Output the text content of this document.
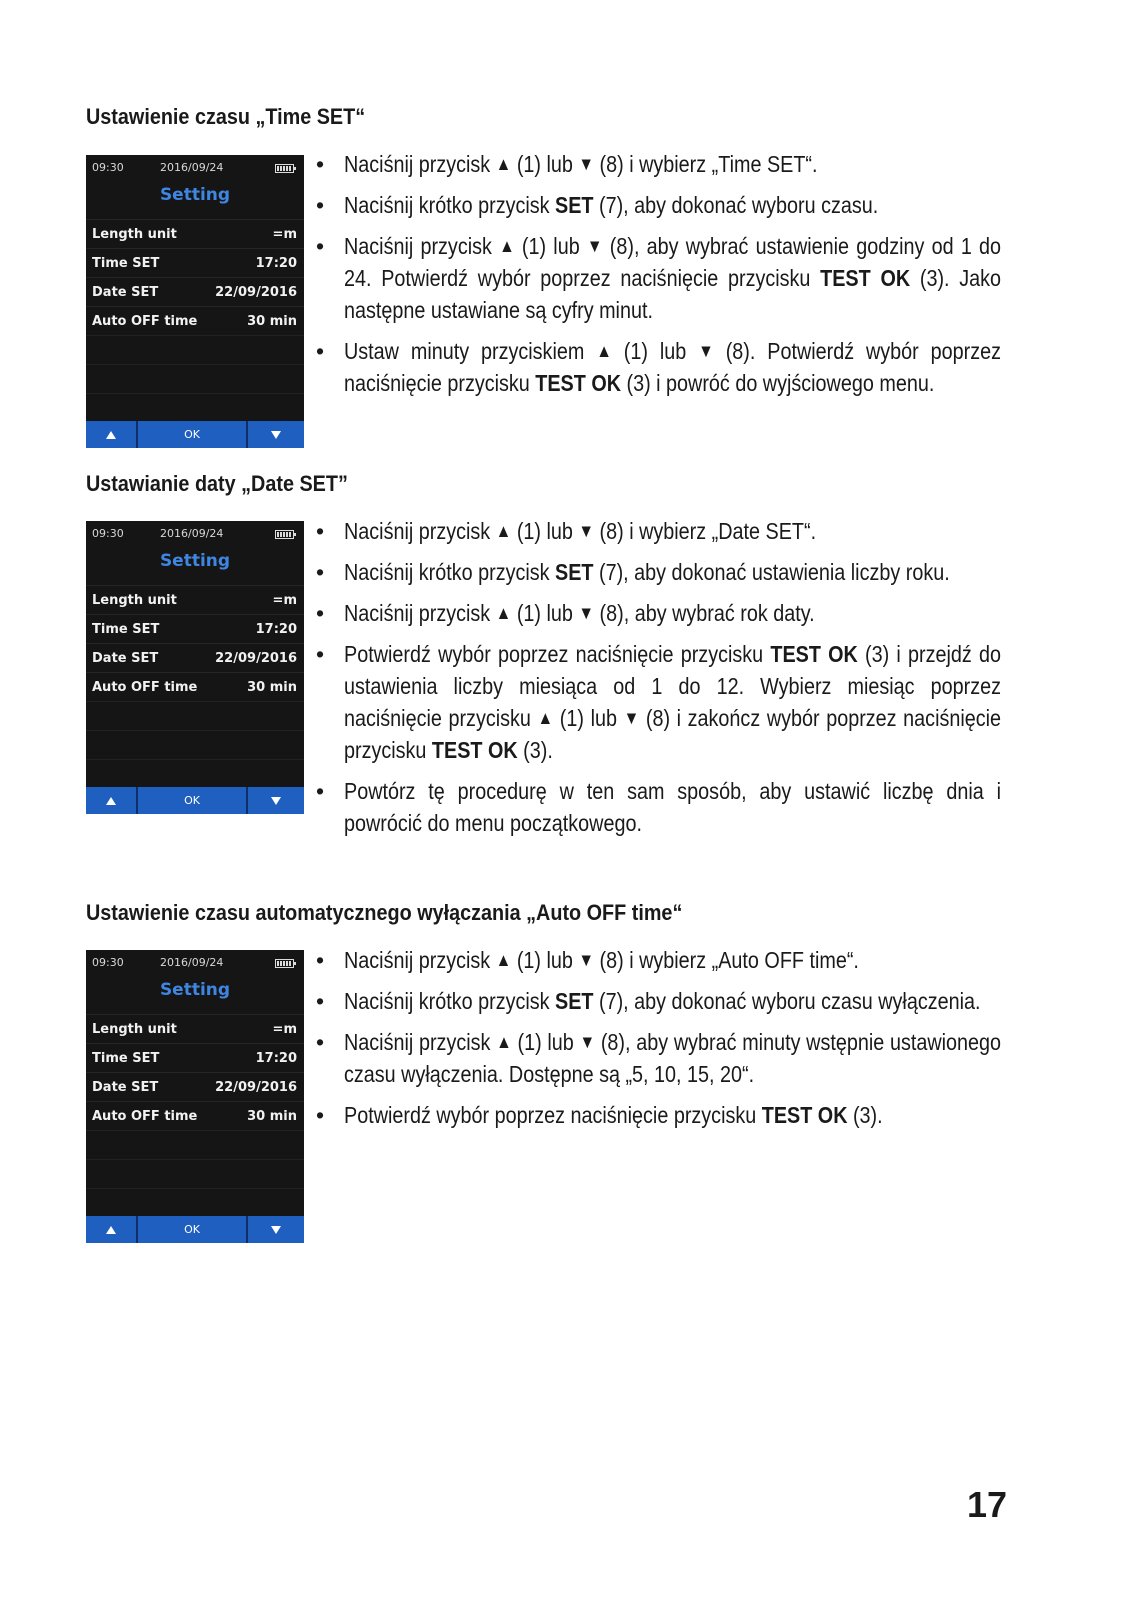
Ustawienie czasu „Time SET“
09:30	2016/09/24
Setting
Length unit	=m
Time SET	17:20
Date SET	22/09/2016
Auto OFF time	30 min
OK
• Naciśnij przycisk ▲ (1) lub ▼ (8) i wybierz „Time SET“.
• Naciśnij krótko przycisk SET (7), aby dokonać wyboru czasu.
• Naciśnij przycisk ▲ (1) lub ▼ (8), aby wybrać ustawienie godziny od 1 do 24. Potwierdź wybór poprzez naciśnięcie przycisku TEST OK (3). Jako następne ustawiane są cyfry minut.
• Ustaw minuty przyciskiem ▲ (1) lub ▼ (8). Potwierdź wybór poprzez naciśnięcie przycisku TEST OK (3) i powróć do wyjściowego menu.
Ustawianie daty „Date SET”
09:30	2016/09/24
Setting
Length unit	=m
Time SET	17:20
Date SET	22/09/2016
Auto OFF time	30 min
OK
• Naciśnij przycisk ▲ (1) lub ▼ (8) i wybierz „Date SET“.
• Naciśnij krótko przycisk SET (7), aby dokonać ustawienia liczby roku.
• Naciśnij przycisk ▲ (1) lub ▼ (8), aby wybrać rok daty.
• Potwierdź wybór poprzez naciśnięcie przycisku TEST OK (3) i przejdź do ustawienia liczby miesiąca od 1 do 12. Wybierz miesiąc poprzez naciśnięcie przycisku ▲ (1) lub ▼ (8) i zakończ wybór poprzez naciśnięcie przycisku TEST OK (3).
• Powtórz tę procedurę w ten sam sposób, aby ustawić liczbę dnia i powrócić do menu początkowego.
Ustawienie czasu automatycznego wyłączania „Auto OFF time“
09:30	2016/09/24
Setting
Length unit	=m
Time SET	17:20
Date SET	22/09/2016
Auto OFF time	30 min
OK
• Naciśnij przycisk ▲ (1) lub ▼ (8) i wybierz „Auto OFF time“.
• Naciśnij krótko przycisk SET (7), aby dokonać wyboru czasu wyłączenia.
• Naciśnij przycisk ▲ (1) lub ▼ (8), aby wybrać minuty wstępnie ustawionego czasu wyłączenia. Dostępne są „5, 10, 15, 20“.
• Potwierdź wybór poprzez naciśnięcie przycisku TEST OK (3).

17
